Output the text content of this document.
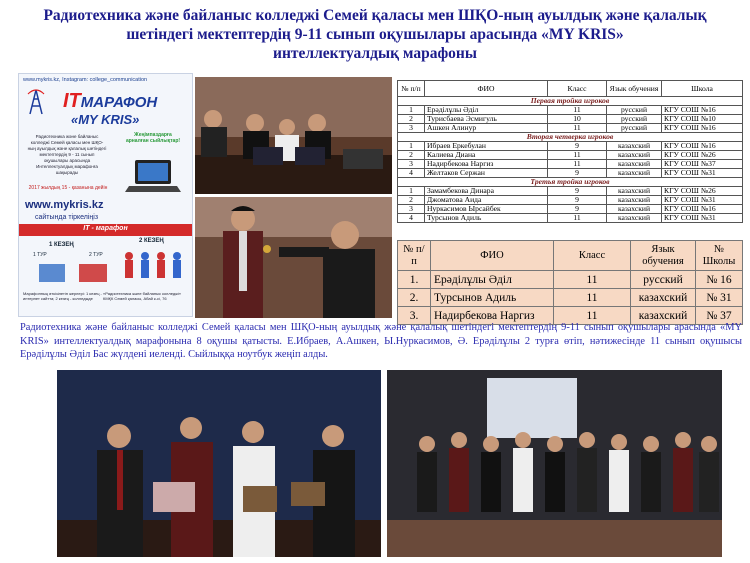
Радиотехника және байланыс колледжі Семей қаласы мен ШҚО-ның ауылдық және қалалық
шетіндегі мектептердің 9-11 сынып оқушылары арасында «MY KRIS»
интеллектуалдық марафоны
www.mykris.kz, Instagram: college_communication
ITМАРАФОН
«MY KRIS»
Радиотехника және байланыс колледжі Семей қаласы мен ШҚО-ның ауылдық және қалалық шетіндегі мектептердің 9 - 11 сынып оқушылары арасында Интеллектуалдық марафонға шақырады
2017 жылдың 15 - қазанына дейін
www.mykris.kz
сайтында тіркеліңіз
Жеңімпаздарға арналған сыйлықтар!
IT - марафон
1 КЕЗЕҢ
2 КЕЗЕҢ
1 ТУР	2 ТУР
Марафонның өткізілетін жерлері: 1 кезең - интернет сайтта; 2 кезең - колледжде
«Радиотехника және байланыс колледжі» КМҚК Семей қаласы, Абай к-сі, 76
№ п/п	ФИО	Класс	Язык обучения	Школа
Первая тройка игроков				
1	Ерәділұлы Әділ	11	русский	КГУ СОШ №16
2	Турисбаева Эсмигуль	10	русский	КГУ СОШ №10
3	Ашкен Алинур	11	русский	КГУ СОШ №16
Вторая четверка игроков				
1	Ибраев Еркебулан	9	казахский	КГУ СОШ №16
2	Калиева Диана	11	казахский	КГУ СОШ №26
3	Надирбекова Наргиз	11	казахский	КГУ СОШ №37
4	Желтаков Сержан	9	казахский	КГУ СОШ №31
Третья тройка игроков				
1	Замамбекова Динара	9	казахский	КГУ СОШ №26
2	Джоматова Аида	9	казахский	КГУ СОШ №31
3	Нуркасимов Ырсайбек	9	казахский	КГУ СОШ №16
4	Турсынов Адиль	11	казахский	КГУ СОШ №31
№ п/п	ФИО	Класс	Язык обучения	№ Школы
1.	Ерәділұлы Әділ	11	русский	№ 16
2.	Турсынов Адиль	11	казахский	№ 31
3.	Надирбекова Наргиз	11	казахский	№ 37
Радиотехника және байланыс колледжі Семей қаласы мен ШҚО-ның ауылдық және қалалық шетіндегі мектептердің 9-11 сынып оқушылары арасында «MY KRIS» интеллектуалдық марафонына 8 оқушы қатысты. Е.Ибраев, А.Ашкен, Ы.Нуркасимов, Ә. Ерәділұлы 2 турға өтіп, нәтижесінде 11 сынып оқушысы Ерәділұлы Әділ Бас жүлдені иеленді. Сыйлыққа ноутбук жеңіп алды.
